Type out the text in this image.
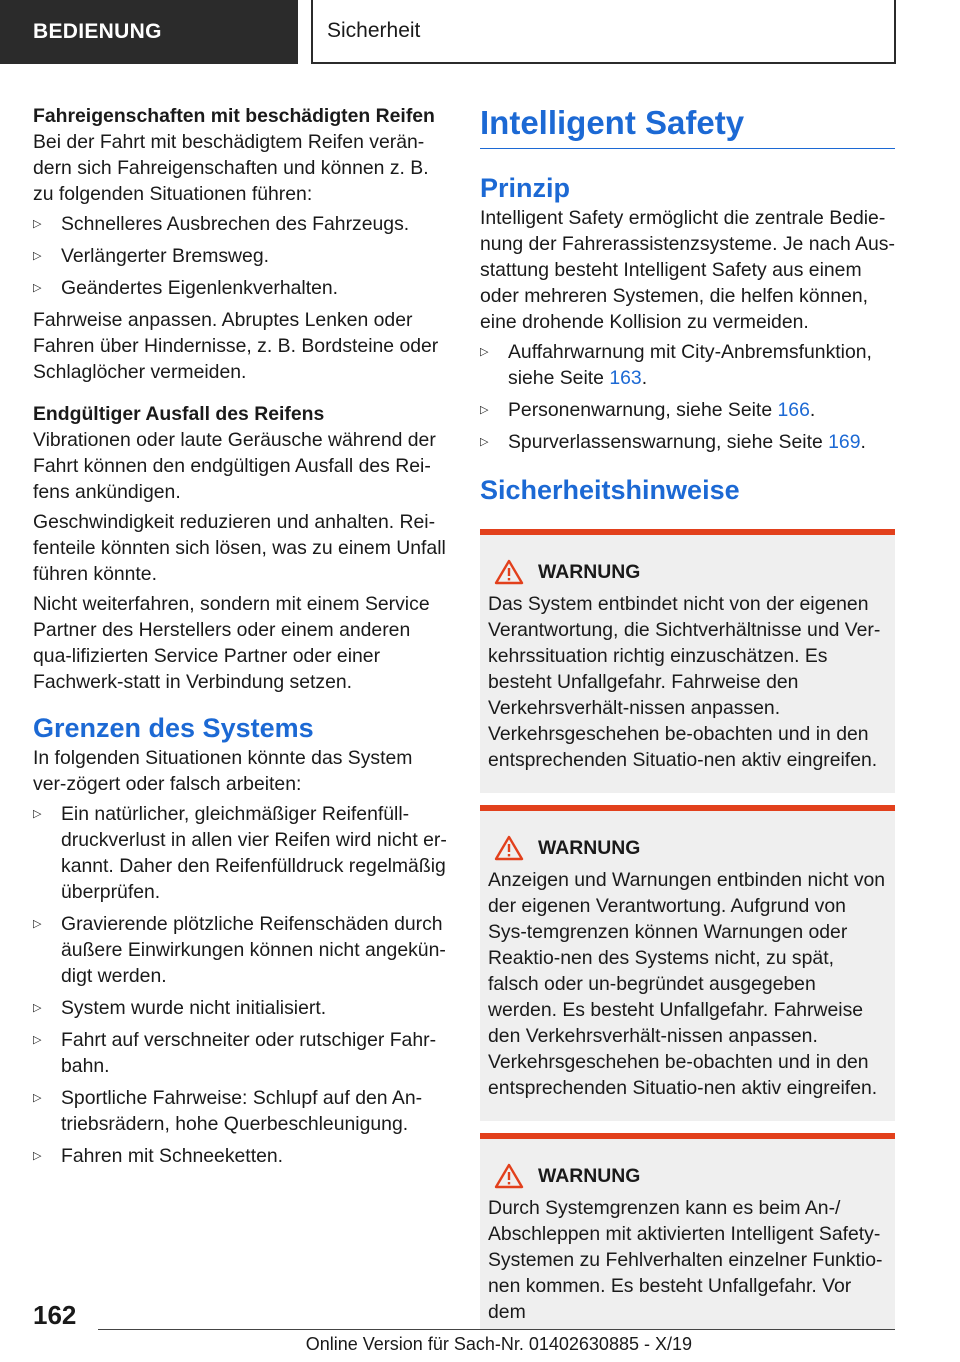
BEDIENUNG	Sicherheit

Fahreigenschaften mit beschädigten Reifen

Bei der Fahrt mit beschädigtem Reifen verän-dern sich Fahreigenschaften und können z. B. zu folgenden Situationen führen:

▷	Schnelleres Ausbrechen des Fahrzeugs.
▷	Verlängerter Bremsweg.
▷	Geändertes Eigenlenkverhalten.

Fahrweise anpassen. Abruptes Lenken oder Fahren über Hindernisse, z. B. Bordsteine oder Schlaglöcher vermeiden.

Endgültiger Ausfall des Reifens

Vibrationen oder laute Geräusche während der Fahrt können den endgültigen Ausfall des Rei-fens ankündigen.

Geschwindigkeit reduzieren und anhalten. Rei-fenteile könnten sich lösen, was zu einem Unfall führen könnte.

Nicht weiterfahren, sondern mit einem Service Partner des Herstellers oder einem anderen qua-lifizierten Service Partner oder einer Fachwerk-statt in Verbindung setzen.

Grenzen des Systems

In folgenden Situationen könnte das System ver-zögert oder falsch arbeiten:

▷	Ein natürlicher, gleichmäßiger Reifenfüll-druckverlust in allen vier Reifen wird nicht er-kannt. Daher den Reifenfülldruck regelmäßig überprüfen.
▷	Gravierende plötzliche Reifenschäden durch äußere Einwirkungen können nicht angekün-digt werden.
▷	System wurde nicht initialisiert.
▷	Fahrt auf verschneiter oder rutschiger Fahr-bahn.
▷	Sportliche Fahrweise: Schlupf auf den An-triebsrädern, hohe Querbeschleunigung.
▷	Fahren mit Schneeketten.
Intelligent Safety

Prinzip

Intelligent Safety ermöglicht die zentrale Bedie-nung der Fahrerassistenzsysteme. Je nach Aus-stattung besteht Intelligent Safety aus einem oder mehreren Systemen, die helfen können, eine drohende Kollision zu vermeiden.

▷	Auffahrwarnung mit City-Anbremsfunktion, siehe Seite 163.
▷	Personenwarnung, siehe Seite 166.
▷	Spurverlassenswarnung, siehe Seite 169.

Sicherheitshinweise

WARNUNG

Das System entbindet nicht von der eigenen Verantwortung, die Sichtverhältnisse und Ver-kehrssituation richtig einzuschätzen. Es besteht Unfallgefahr. Fahrweise den Verkehrsverhält-nissen anpassen. Verkehrsgeschehen be-obachten und in den entsprechenden Situatio-nen aktiv eingreifen.

WARNUNG

Anzeigen und Warnungen entbinden nicht von der eigenen Verantwortung. Aufgrund von Sys-temgrenzen können Warnungen oder Reaktio-nen des Systems nicht, zu spät, falsch oder un-begründet ausgegeben werden. Es besteht Unfallgefahr. Fahrweise den Verkehrsverhält-nissen anpassen. Verkehrsgeschehen be-obachten und in den entsprechenden Situatio-nen aktiv eingreifen.

WARNUNG

Durch Systemgrenzen kann es beim An-/ Abschleppen mit aktivierten Intelligent Safety-Systemen zu Fehlverhalten einzelner Funktio-nen kommen. Es besteht Unfallgefahr. Vor dem

162
Online Version für Sach-Nr. 01402630885 - X/19
